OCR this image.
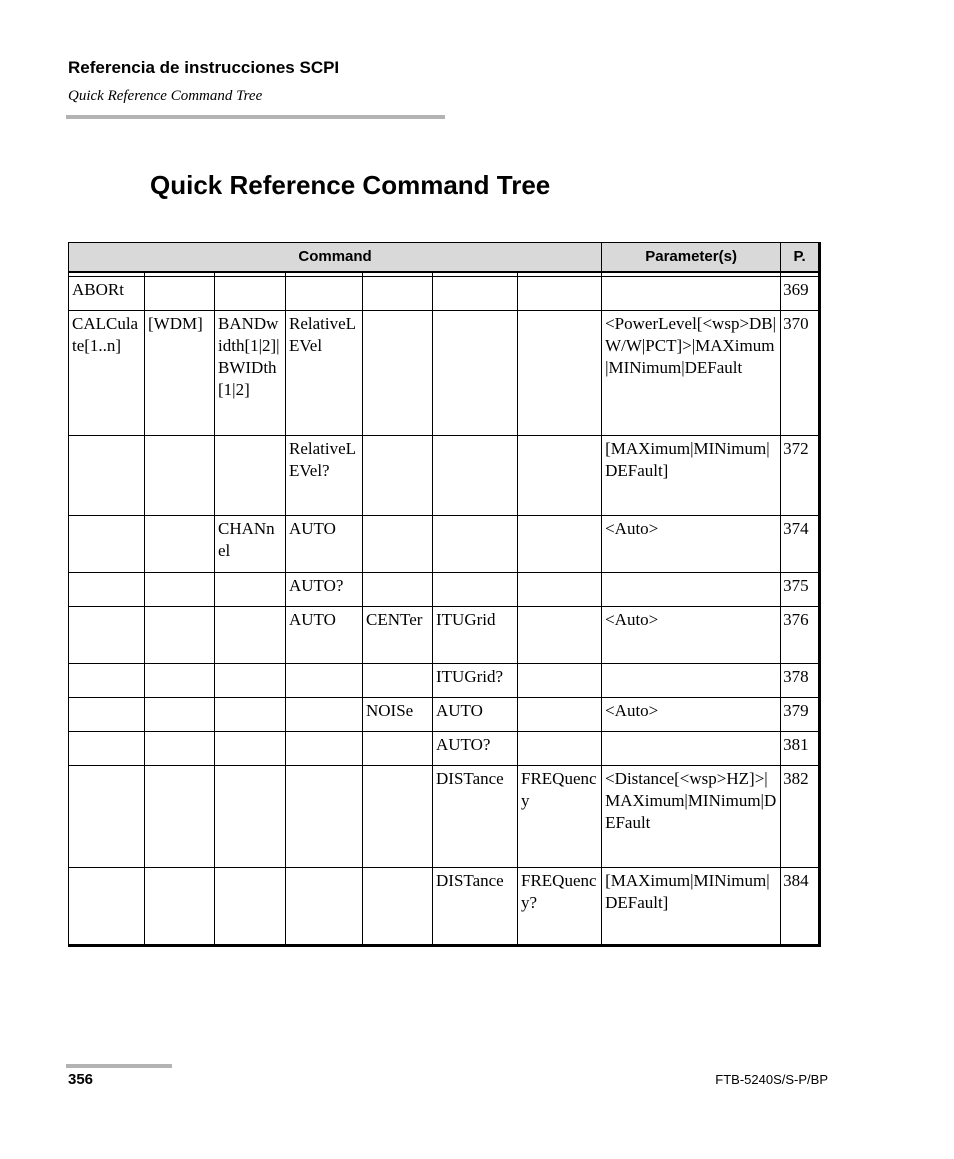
Referencia de instrucciones SCPI
Quick Reference Command Tree
Quick Reference Command Tree
Command							Parameter(s)	P.

ABORt								369
CALCulate[1..n]	[WDM]	BANDwidth[1|2]|BWIDth[1|2]	RelativeLEVel				<PowerLevel[<wsp>DB|W/W|PCT]>|MAXimum|MINimum|DEFault	370
			RelativeLEVel?				[MAXimum|MINimum|DEFault]	372
		CHANnel	AUTO				<Auto>	374
			AUTO?					375
			AUTO	CENTer	ITUGrid		<Auto>	376
					ITUGrid?			378
				NOISe	AUTO		<Auto>	379
					AUTO?			381
					DISTance	FREQuency	<Distance[<wsp>HZ]>|MAXimum|MINimum|DEFault	382
					DISTance	FREQuency?	[MAXimum|MINimum|DEFault]	384
356	FTB-5240S/S-P/BP
